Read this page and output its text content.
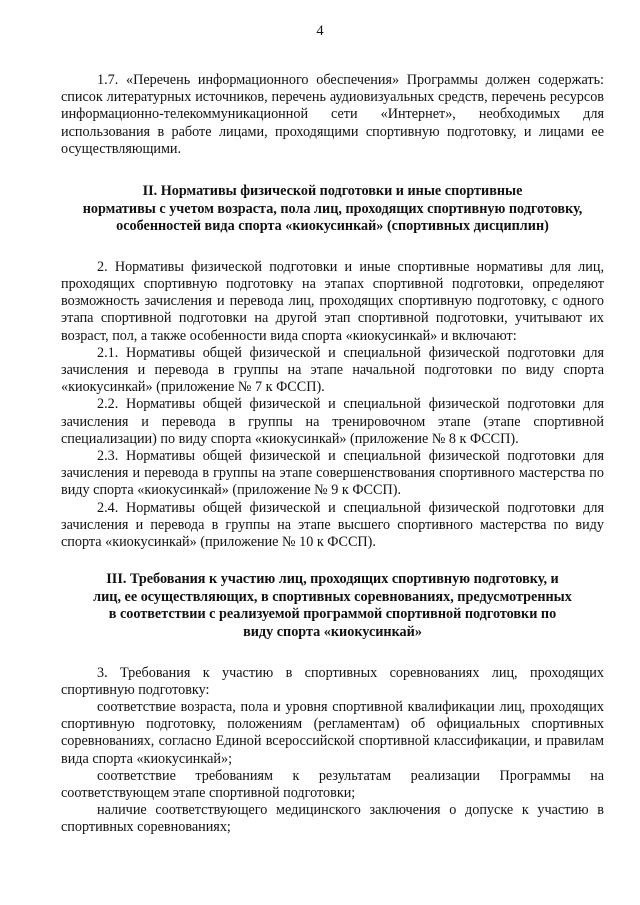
4

1.7. «Перечень информационного обеспечения» Программы должен содержать: список литературных источников, перечень аудиовизуальных средств, перечень ресурсов информационно-телекоммуникационной сети «Интернет», необходимых для использования в работе лицами, проходящими спортивную подготовку, и лицами ее осуществляющими.

II. Нормативы физической подготовки и иные спортивные
нормативы с учетом возраста, пола лиц, проходящих спортивную подготовку,
особенностей вида спорта «киокусинкай» (спортивных дисциплин)

2. Нормативы физической подготовки и иные спортивные нормативы для лиц, проходящих спортивную подготовку на этапах спортивной подготовки, определяют возможность зачисления и перевода лиц, проходящих спортивную подготовку, с одного этапа спортивной подготовки на другой этап спортивной подготовки, учитывают их возраст, пол, а также особенности вида спорта «киокусинкай» и включают:

2.1. Нормативы общей физической и специальной физической подготовки для зачисления и перевода в группы на этапе начальной подготовки по виду спорта «киокусинкай» (приложение № 7 к ФССП).

2.2. Нормативы общей физической и специальной физической подготовки для зачисления и перевода в группы на тренировочном этапе (этапе спортивной специализации) по виду спорта «киокусинкай» (приложение № 8 к ФССП).

2.3. Нормативы общей физической и специальной физической подготовки для зачисления и перевода в группы на этапе совершенствования спортивного мастерства по виду спорта «киокусинкай» (приложение № 9 к ФССП).

2.4. Нормативы общей физической и специальной физической подготовки для зачисления и перевода в группы на этапе высшего спортивного мастерства по виду спорта «киокусинкай» (приложение № 10 к ФССП).

III. Требования к участию лиц, проходящих спортивную подготовку, и
лиц, ее осуществляющих, в спортивных соревнованиях, предусмотренных
в соответствии с реализуемой программой спортивной подготовки по
виду спорта «киокусинкай»

3. Требования к участию в спортивных соревнованиях лиц, проходящих спортивную подготовку:

соответствие возраста, пола и уровня спортивной квалификации лиц, проходящих спортивную подготовку, положениям (регламентам) об официальных спортивных соревнованиях, согласно Единой всероссийской спортивной классификации, и правилам вида спорта «киокусинкай»;

соответствие требованиям к результатам реализации Программы на соответствующем этапе спортивной подготовки;

наличие соответствующего медицинского заключения о допуске к участию в спортивных соревнованиях;
